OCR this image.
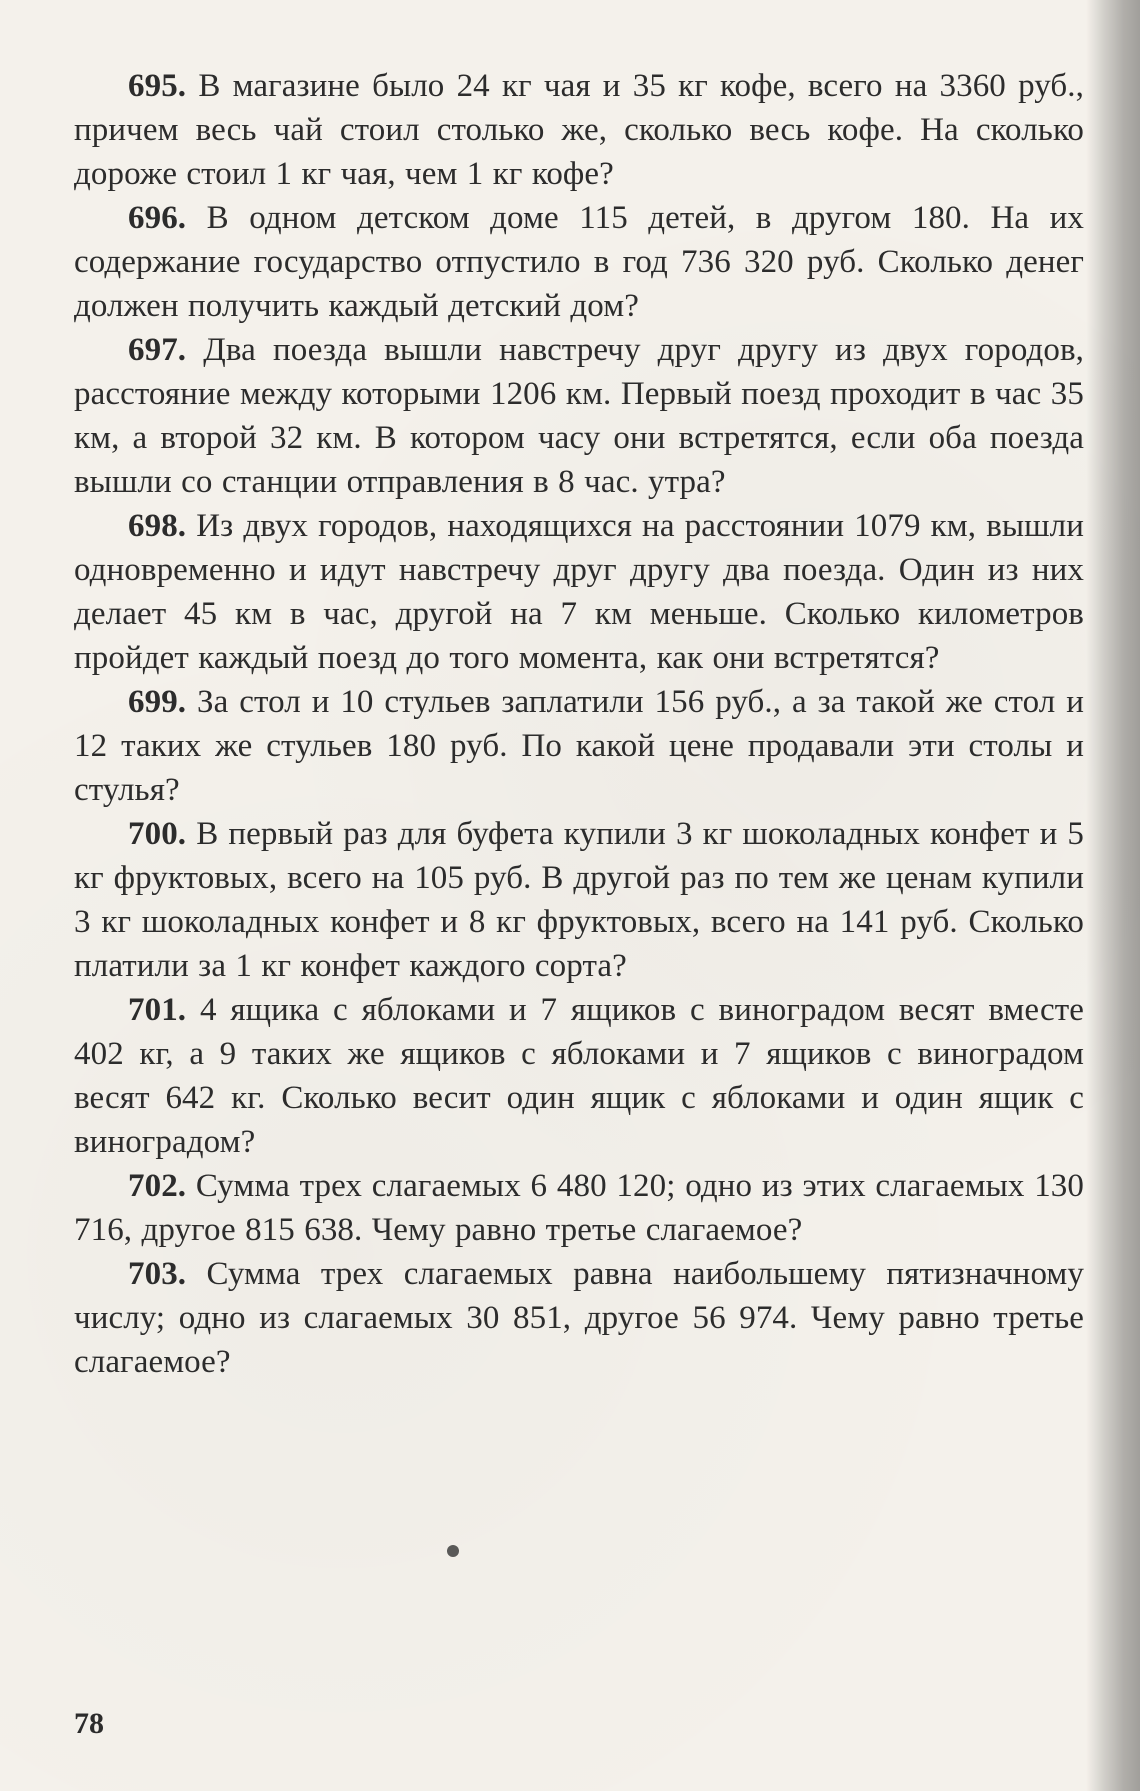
695. В магазине было 24 кг чая и 35 кг кофе, всего на 3360 руб., причем весь чай стоил столько же, сколько весь кофе. На сколько дороже стоил 1 кг чая, чем 1 кг кофе?

696. В одном детском доме 115 детей, в другом 180. На их содержание государство отпустило в год 736 320 руб. Сколько денег должен получить каждый детский дом?

697. Два поезда вышли навстречу друг другу из двух городов, расстояние между которыми 1206 км. Первый поезд проходит в час 35 км, а второй 32 км. В котором часу они встретятся, если оба поезда вышли со станции отправления в 8 час. утра?

698. Из двух городов, находящихся на расстоянии 1079 км, вышли одновременно и идут навстречу друг другу два поезда. Один из них делает 45 км в час, другой на 7 км меньше. Сколько километров пройдет каждый поезд до того момента, как они встретятся?

699. За стол и 10 стульев заплатили 156 руб., а за такой же стол и 12 таких же стульев 180 руб. По какой цене продавали эти столы и стулья?

700. В первый раз для буфета купили 3 кг шоколадных конфет и 5 кг фруктовых, всего на 105 руб. В другой раз по тем же ценам купили 3 кг шоколадных конфет и 8 кг фруктовых, всего на 141 руб. Сколько платили за 1 кг конфет каждого сорта?

701. 4 ящика с яблоками и 7 ящиков с виноградом весят вместе 402 кг, а 9 таких же ящиков с яблоками и 7 ящиков с виноградом весят 642 кг. Сколько весит один ящик с яблоками и один ящик с виноградом?

702. Сумма трех слагаемых 6 480 120; одно из этих слагаемых 130 716, другое 815 638. Чему равно третье слагаемое?

703. Сумма трех слагаемых равна наибольшему пятизначному числу; одно из слагаемых 30 851, другое 56 974. Чему равно третье слагаемое?

78
